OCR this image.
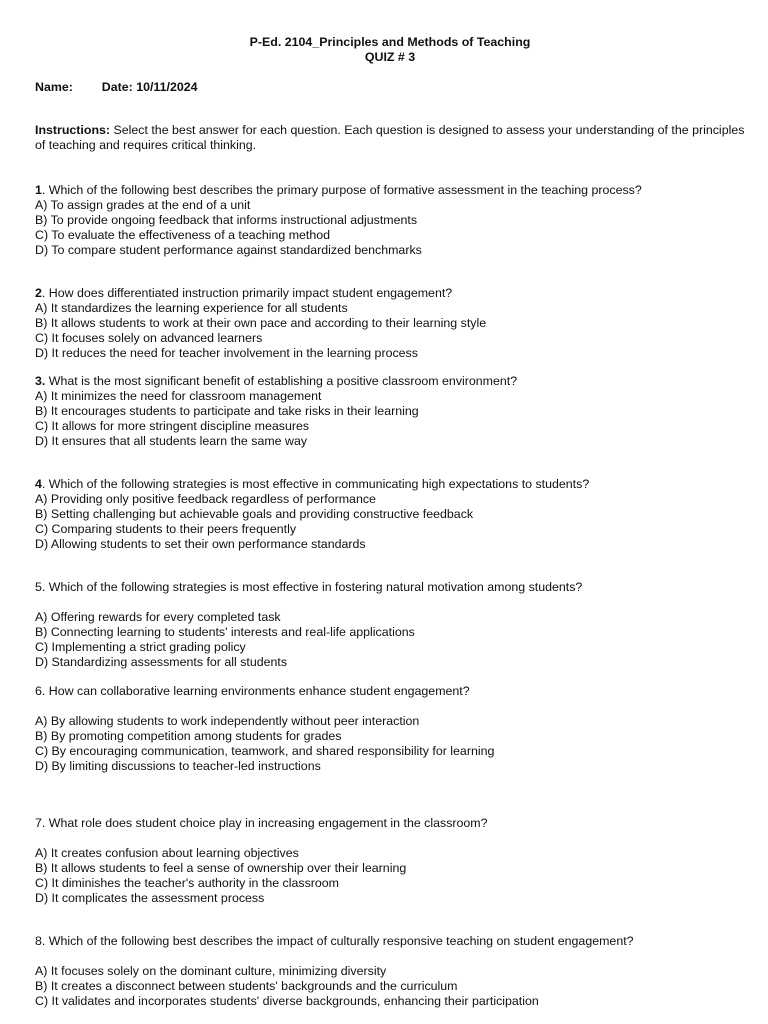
P-Ed. 2104_Principles and Methods of Teaching
QUIZ # 3
Name: Date: 10/11/2024
Instructions: Select the best answer for each question. Each question is designed to assess your understanding of the principles of teaching and requires critical thinking.
1. Which of the following best describes the primary purpose of formative assessment in the teaching process?
A) To assign grades at the end of a unit
B) To provide ongoing feedback that informs instructional adjustments
C) To evaluate the effectiveness of a teaching method
D) To compare student performance against standardized benchmarks
2. How does differentiated instruction primarily impact student engagement?
A) It standardizes the learning experience for all students
B) It allows students to work at their own pace and according to their learning style
C) It focuses solely on advanced learners
D) It reduces the need for teacher involvement in the learning process
3. What is the most significant benefit of establishing a positive classroom environment?
A) It minimizes the need for classroom management
B) It encourages students to participate and take risks in their learning
C) It allows for more stringent discipline measures
D) It ensures that all students learn the same way
4. Which of the following strategies is most effective in communicating high expectations to students?
A) Providing only positive feedback regardless of performance
B) Setting challenging but achievable goals and providing constructive feedback
C) Comparing students to their peers frequently
D) Allowing students to set their own performance standards
5. Which of the following strategies is most effective in fostering natural motivation among students?
A) Offering rewards for every completed task
B) Connecting learning to students' interests and real-life applications
C) Implementing a strict grading policy
D) Standardizing assessments for all students
6. How can collaborative learning environments enhance student engagement?
A) By allowing students to work independently without peer interaction
B) By promoting competition among students for grades
C) By encouraging communication, teamwork, and shared responsibility for learning
D) By limiting discussions to teacher-led instructions
7. What role does student choice play in increasing engagement in the classroom?
A) It creates confusion about learning objectives
B) It allows students to feel a sense of ownership over their learning
C) It diminishes the teacher's authority in the classroom
D) It complicates the assessment process
8. Which of the following best describes the impact of culturally responsive teaching on student engagement?
A) It focuses solely on the dominant culture, minimizing diversity
B) It creates a disconnect between students' backgrounds and the curriculum
C) It validates and incorporates students' diverse backgrounds, enhancing their participation
